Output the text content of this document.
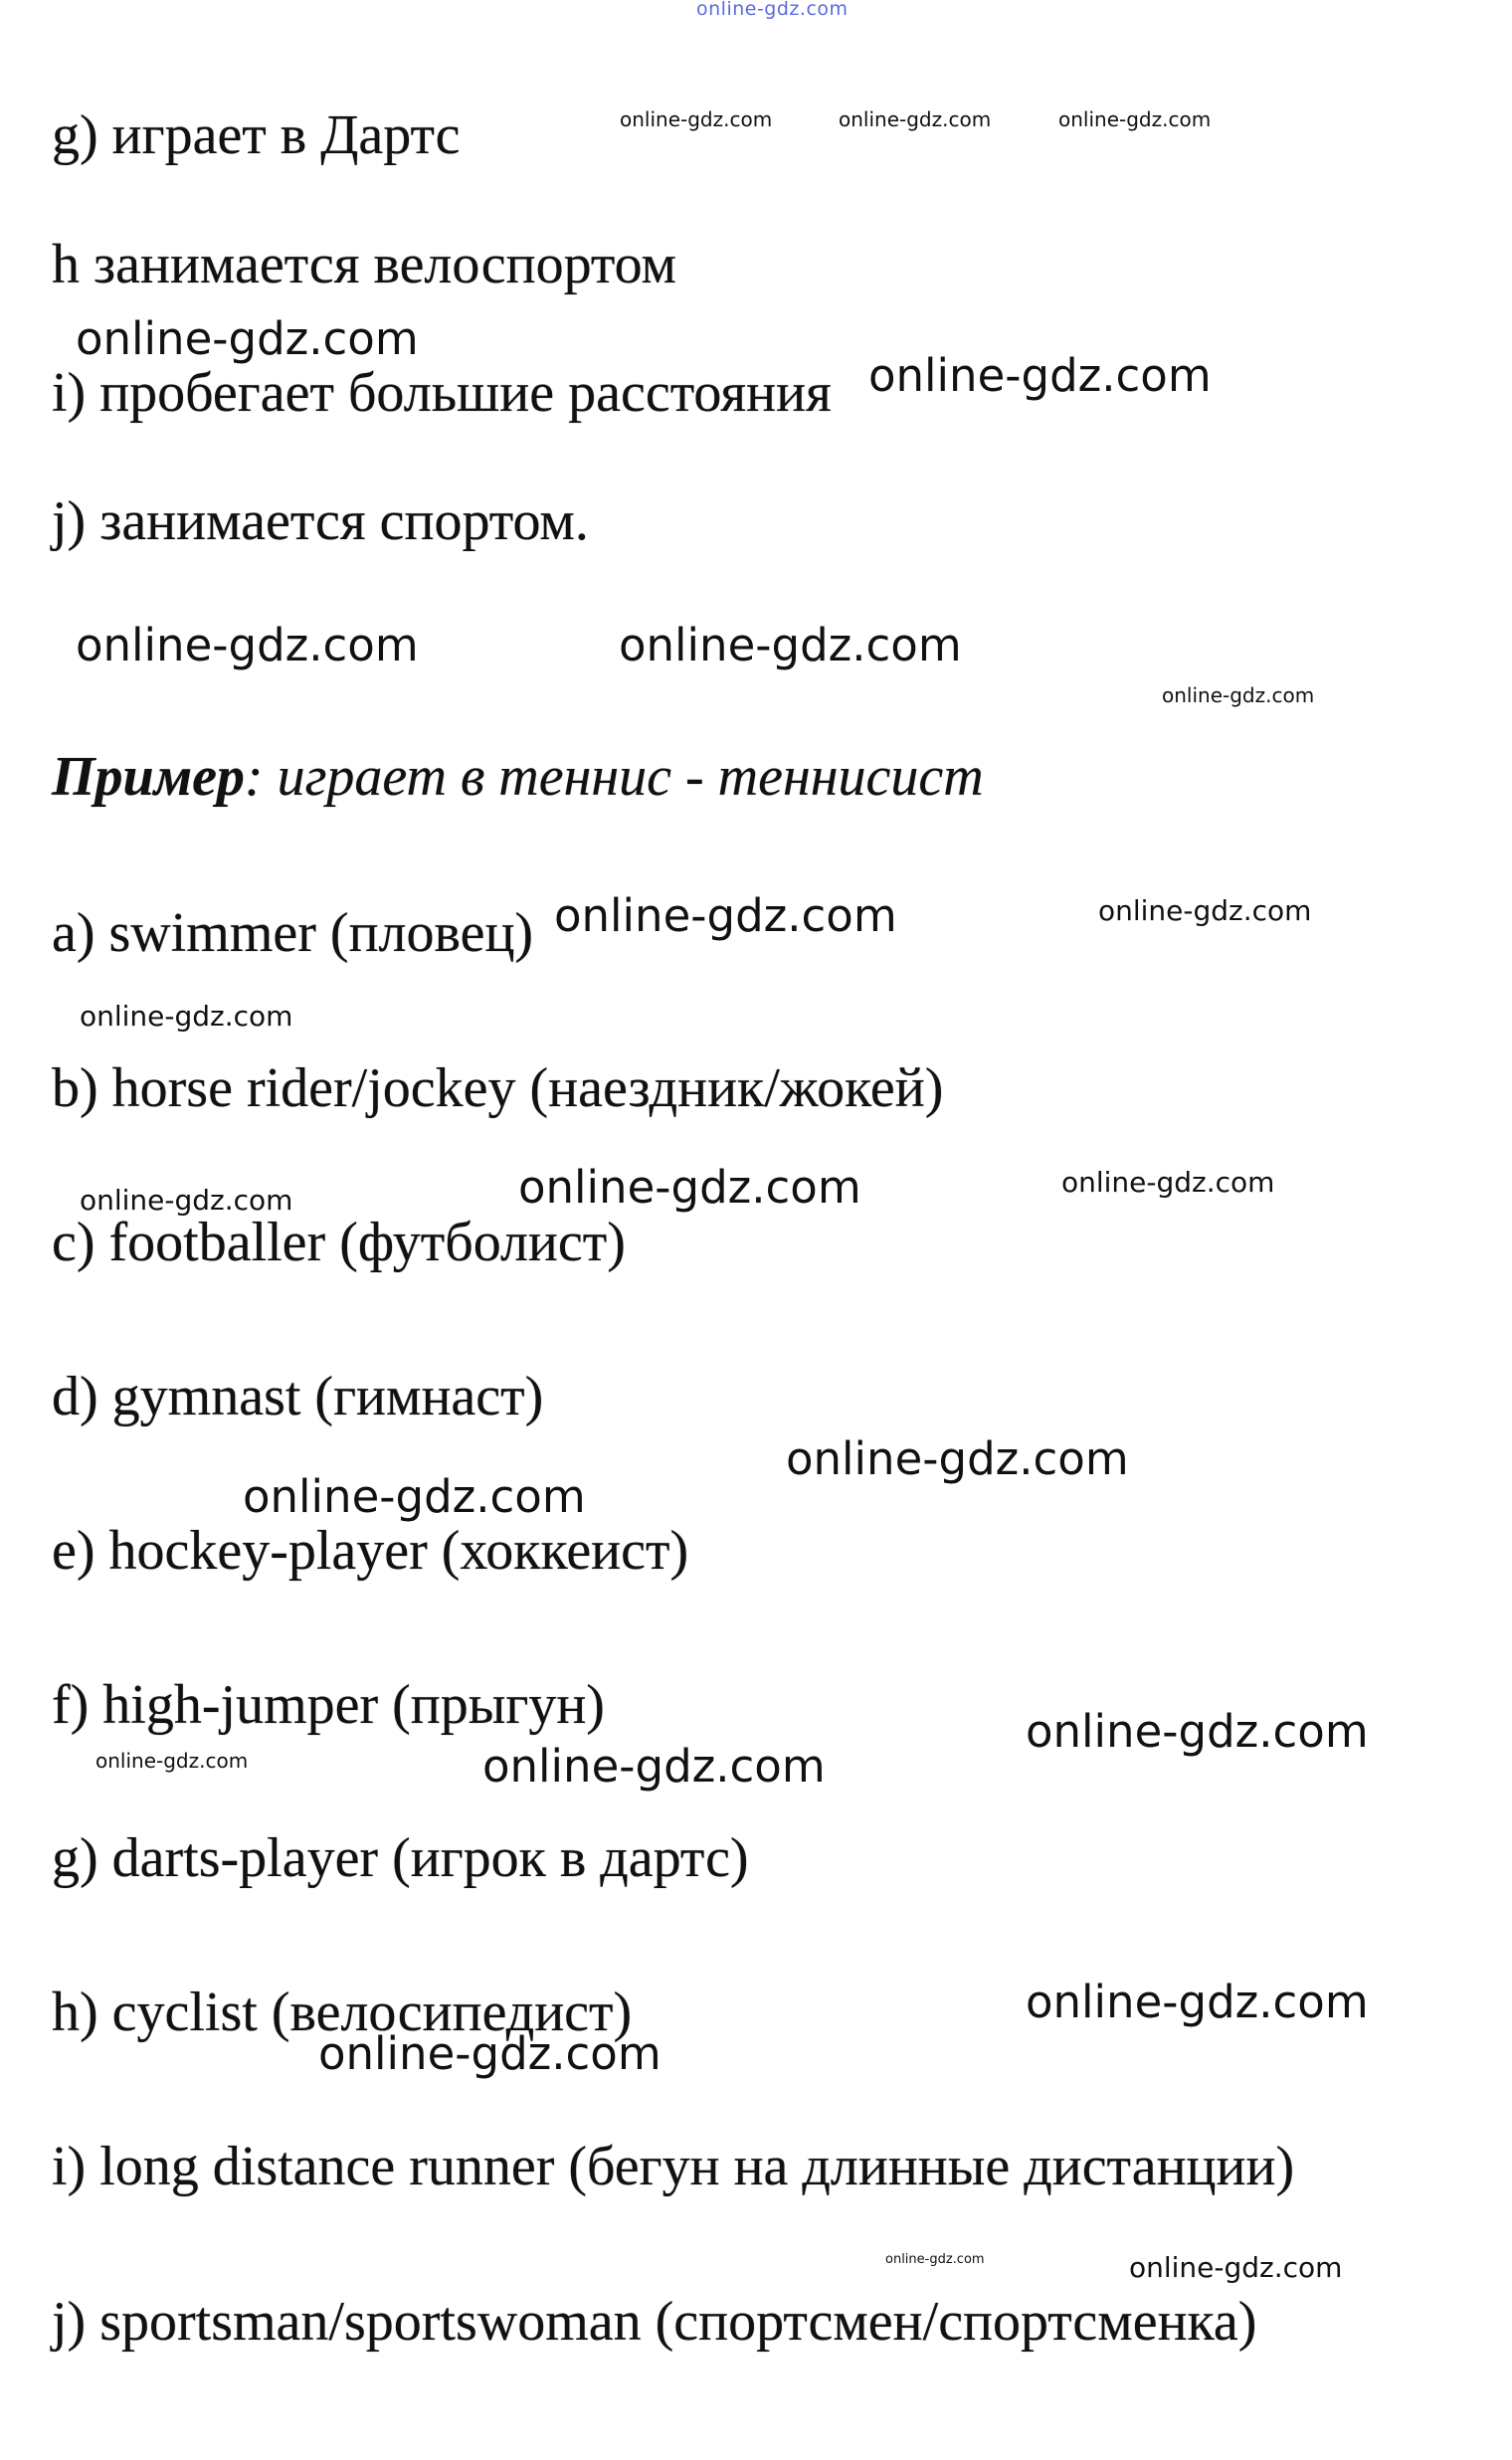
online-gdz.com
g) играет в Дартс
h занимается велоспортом
i) пробегает большие расстояния
j) занимается спортом.
Пример: играет в теннис - теннисист
a) swimmer (пловец)
b) horse rider/jockey (наездник/жокей)
c) footballer (футболист)
d) gymnast (гимнаст)
e) hockey-player (хоккеист)
f) high-jumper (прыгун)
g) darts-player (игрок в дартс)
h) cyclist (велосипедист)
i) long distance runner (бегун на длинные дистанции)
j) sportsman/sportswoman (спортсмен/спортсменка)
online-gdz.com	online-gdz.com	online-gdz.com
online-gdz.com
online-gdz.com
online-gdz.com	online-gdz.com
online-gdz.com
online-gdz.com	online-gdz.com
online-gdz.com
online-gdz.com	online-gdz.com	online-gdz.com
online-gdz.com
online-gdz.com
online-gdz.com
online-gdz.com	online-gdz.com
online-gdz.com
online-gdz.com
online-gdz.com	online-gdz.com
